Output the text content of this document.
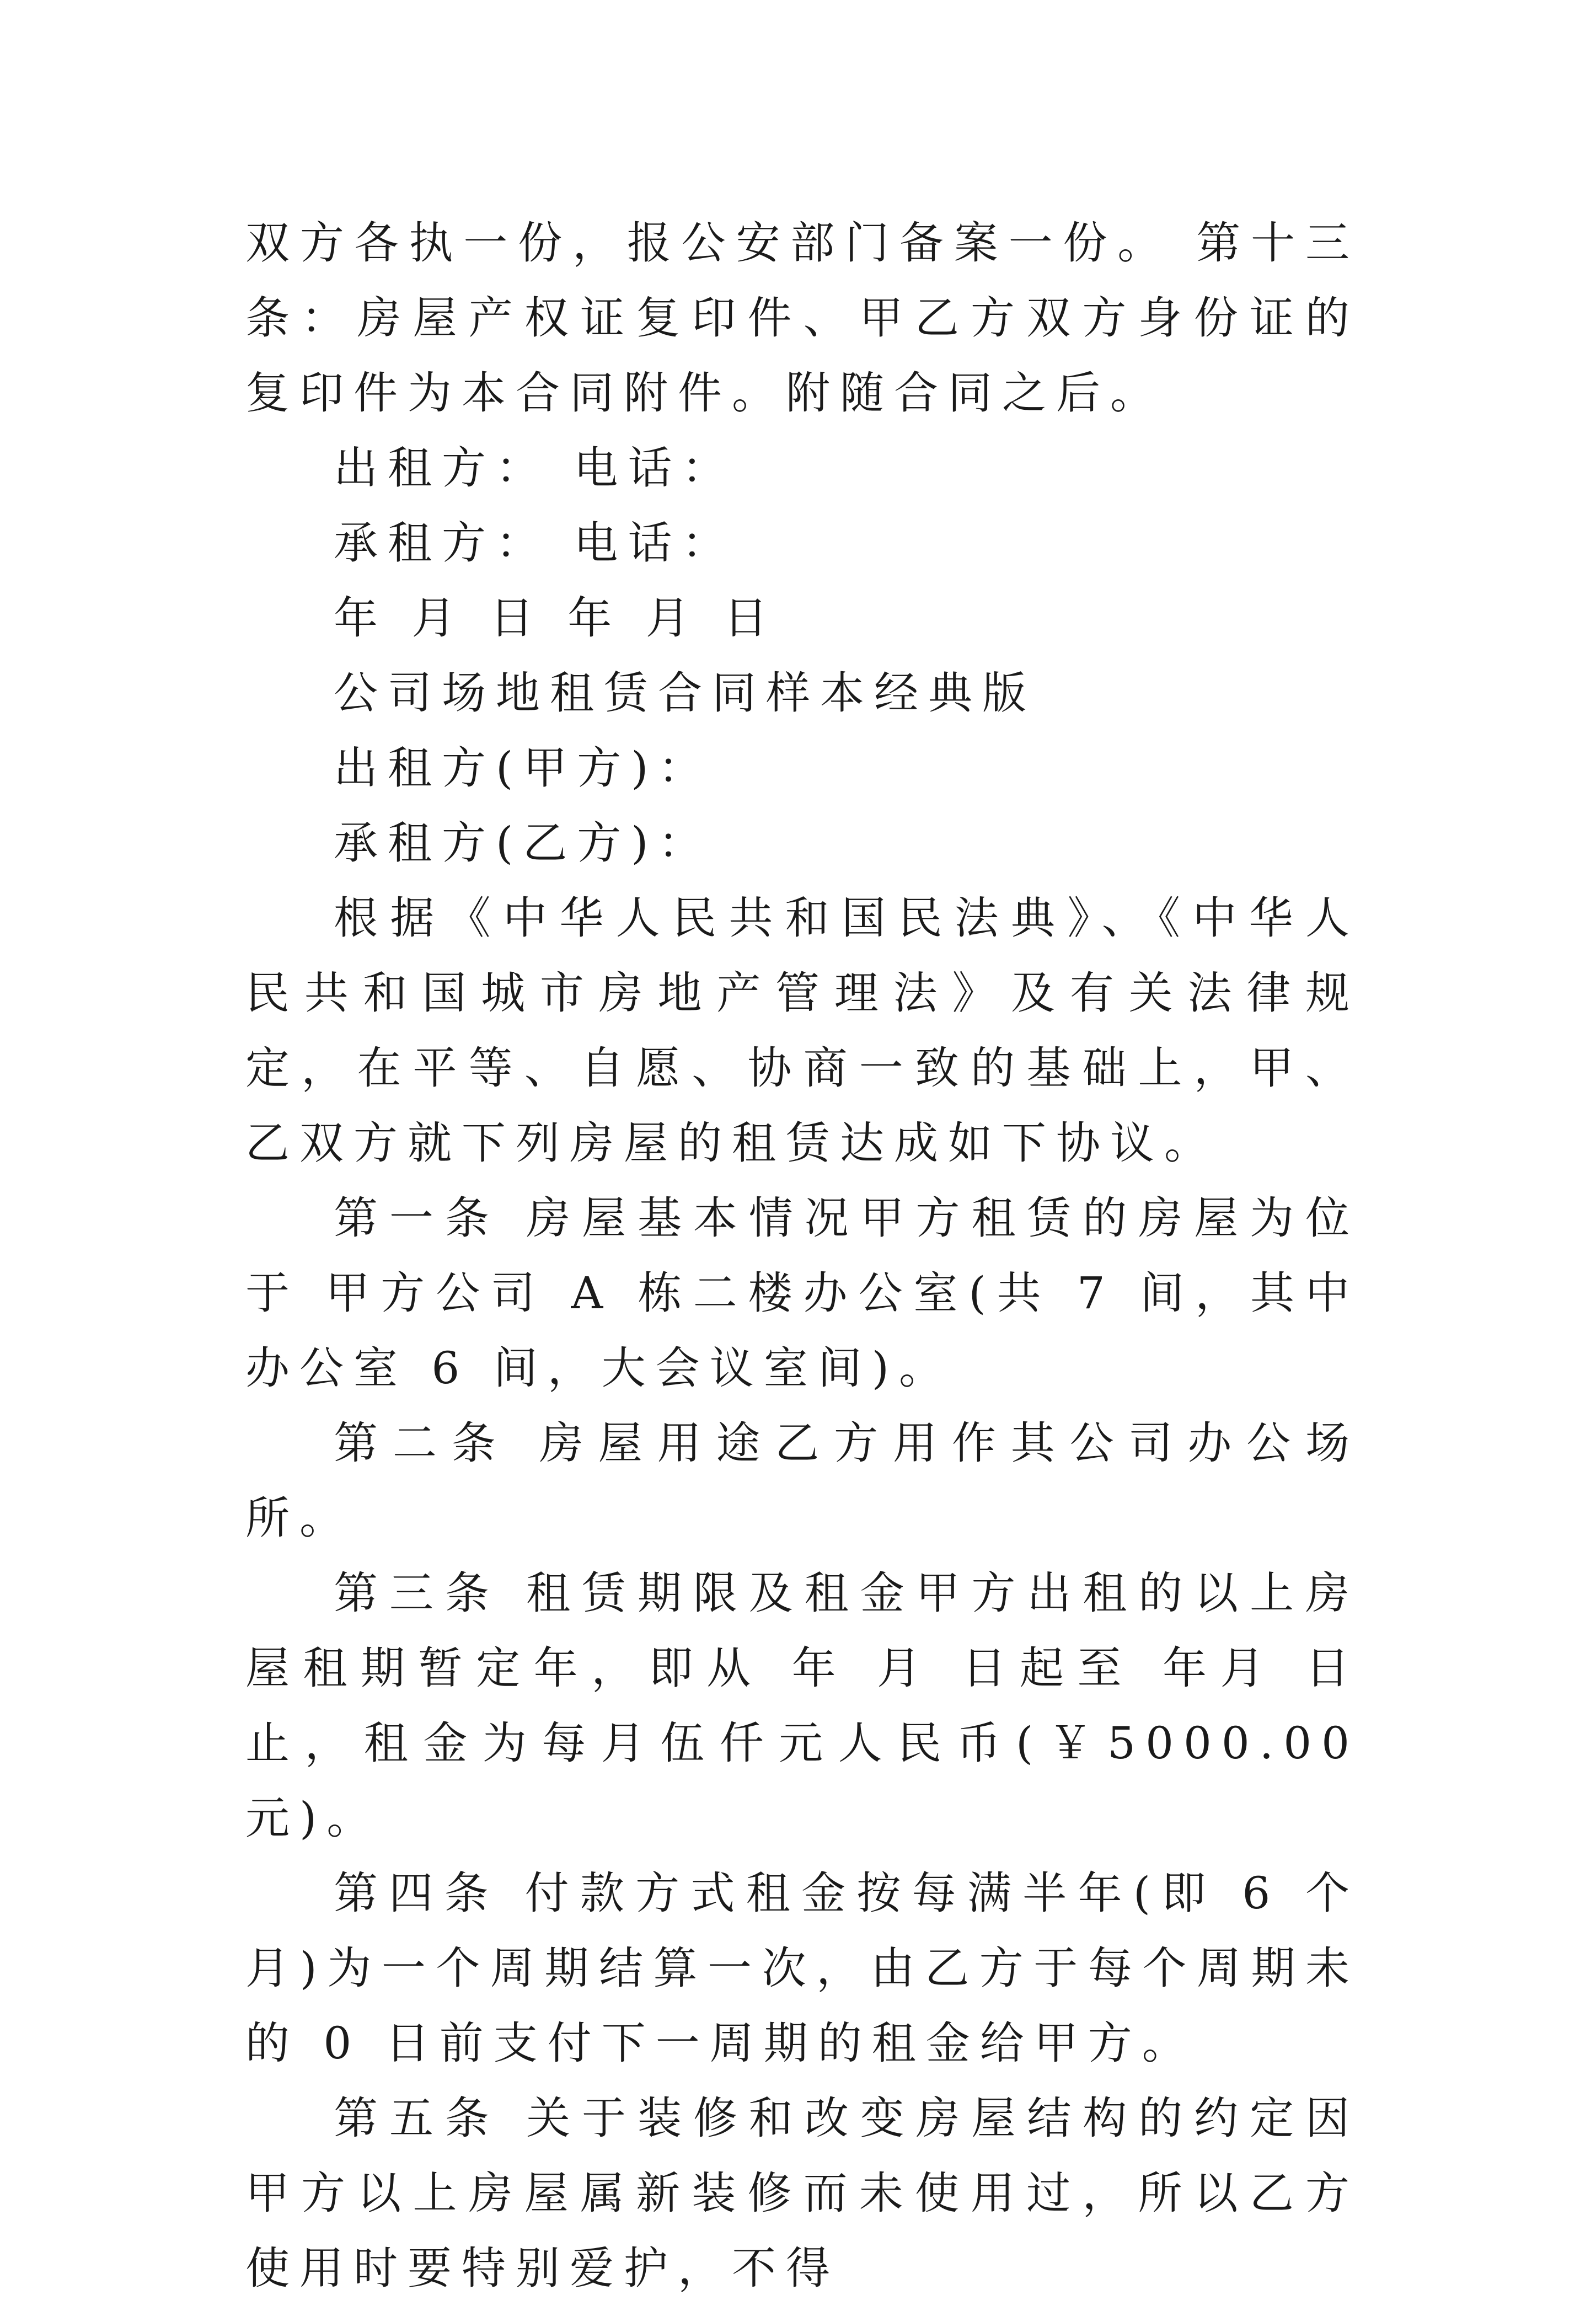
双方各执一份，报公安部门备案一份。 第十三条：房屋产权证复印件、甲乙方双方身份证的复印件为本合同附件。附随合同之后。

出租方： 电话：

承租方： 电话：

年 月 日 年 月 日

公司场地租赁合同样本经典版

出租方(甲方)：

承租方(乙方)：

根据《中华人民共和国民法典》、《中华人民共和国城市房地产管理法》及有关法律规定，在平等、自愿、协商一致的基础上，甲、乙双方就下列房屋的租赁达成如下协议。

第一条 房屋基本情况甲方租赁的房屋为位于 甲方公司 A 栋二楼办公室(共 7 间，其中办公室 6 间，大会议室间)。

第二条 房屋用途乙方用作其公司办公场所。

第三条 租赁期限及租金甲方出租的以上房屋租期暂定年，即从 年 月 日起至 年月 日止，租金为每月伍仟元人民币(￥5000.00 元)。

第四条 付款方式租金按每满半年(即 6 个月)为一个周期结算一次，由乙方于每个周期未的 0 日前支付下一周期的租金给甲方。

第五条 关于装修和改变房屋结构的约定因甲方以上房屋属新装修而未使用过，所以乙方使用时要特别爱护，不得
